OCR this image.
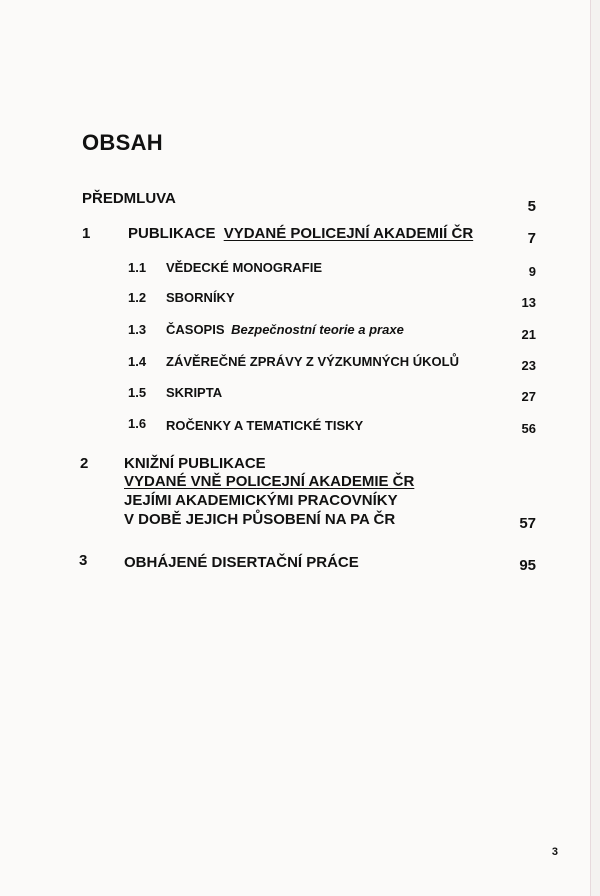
OBSAH
PŘEDMLUVA	5
1	PUBLIKACE VYDANÉ POLICEJNÍ AKADEMIÍ ČR	7
1.1 VĚDECKÉ MONOGRAFIE	9
1.2 SBORNÍKY	13
1.3 ČASOPIS Bezpečnostní teorie a praxe	21
1.4 ZÁVĚREČNÉ ZPRÁVY Z VÝZKUMNÝCH ÚKOLŮ	23
1.5 SKRIPTA	27
1.6 ROČENKY A TEMATICKÉ TISKY	56
2 KNIŽNÍ PUBLIKACE
VYDANÉ VNĚ POLICEJNÍ AKADEMIE ČR
JEJÍMI AKADEMICKÝMI PRACOVNÍKY
V DOBĚ JEJICH PŮSOBENÍ NA PA ČR	57
3 OBHÁJENÉ DISERTAČNÍ PRÁCE	95
3
